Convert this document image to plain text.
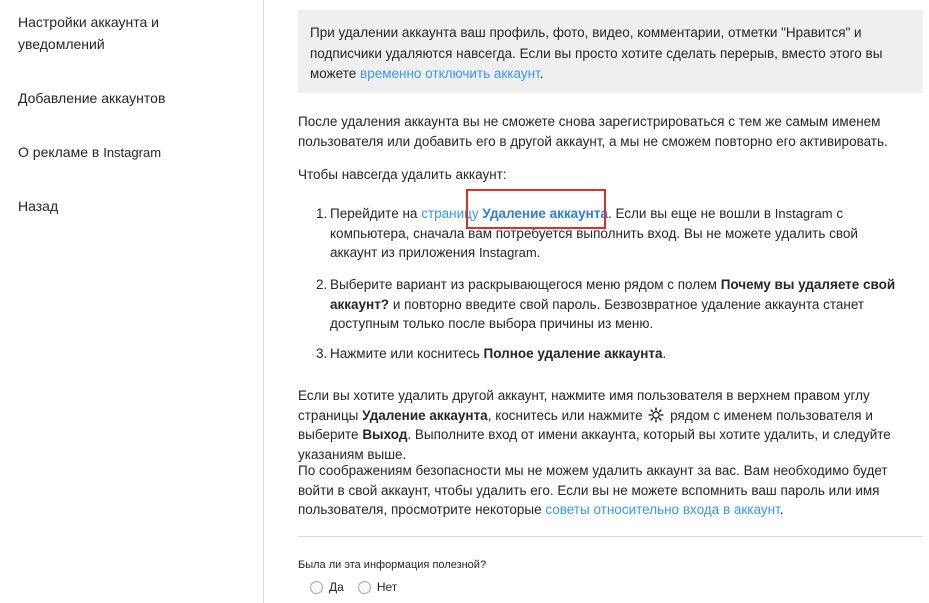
Настройки аккаунта и уведомлений
Добавление аккаунтов
О рекламе в Instagram
Назад
При удалении аккаунта ваш профиль, фото, видео, комментарии, отметки "Нравится" и подписчики удаляются навсегда. Если вы просто хотите сделать перерыв, вместо этого вы можете временно отключить аккаунт.
После удаления аккаунта вы не сможете снова зарегистрироваться с тем же самым именем пользователя или добавить его в другой аккаунт, а мы не сможем повторно его активировать.
Чтобы навсегда удалить аккаунт:
1. Перейдите на страницу Удаление аккаунта. Если вы еще не вошли в Instagram с компьютера, сначала вам потребуется выполнить вход. Вы не можете удалить свой аккаунт из приложения Instagram.
2. Выберите вариант из раскрывающегося меню рядом с полем Почему вы удаляете свой аккаунт? и повторно введите свой пароль. Безвозвратное удаление аккаунта станет доступным только после выбора причины из меню.
3. Нажмите или коснитесь Полное удаление аккаунта.
Если вы хотите удалить другой аккаунт, нажмите имя пользователя в верхнем правом углу страницы Удаление аккаунта, коснитесь или нажмите  рядом с именем пользователя и выберите Выход. Выполните вход от имени аккаунта, который вы хотите удалить, и следуйте указаниям выше.
По соображениям безопасности мы не можем удалить аккаунт за вас. Вам необходимо будет войти в свой аккаунт, чтобы удалить его. Если вы не можете вспомнить ваш пароль или имя пользователя, просмотрите некоторые советы относительно входа в аккаунт.
Была ли эта информация полезной?
Да	Нет
